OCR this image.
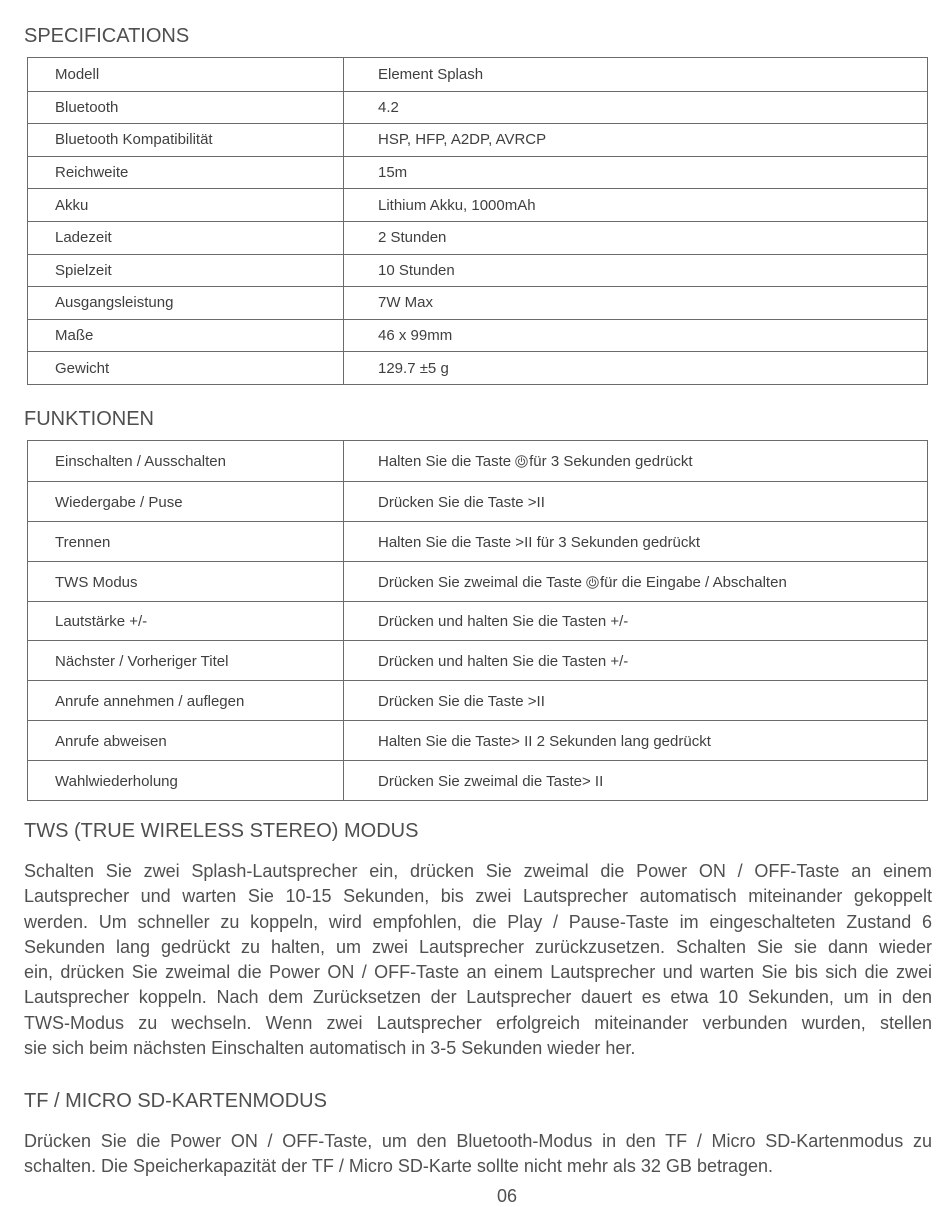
SPECIFICATIONS
Modell	Element Splash
Bluetooth	4.2
Bluetooth Kompatibilität	HSP, HFP, A2DP, AVRCP
Reichweite	15m
Akku	Lithium Akku, 1000mAh
Ladezeit	2 Stunden
Spielzeit	10 Stunden
Ausgangsleistung	7W Max
Maße	46 x 99mm
Gewicht	129.7 ±5 g
FUNKTIONEN
Einschalten / Ausschalten	Halten Sie die Taste für 3 Sekunden gedrückt
Wiedergabe / Puse	Drücken Sie die Taste >II
Trennen	Halten Sie die Taste >II für 3 Sekunden gedrückt
TWS Modus	Drücken Sie zweimal die Taste für die Eingabe / Abschalten
Lautstärke +/-	Drücken und halten Sie die Tasten +/-
Nächster / Vorheriger Titel	Drücken und halten Sie die Tasten +/-
Anrufe annehmen / auflegen	Drücken Sie die Taste >II
Anrufe abweisen	Halten Sie die Taste> II 2 Sekunden lang gedrückt
Wahlwiederholung	Drücken Sie zweimal die Taste> II
TWS (TRUE WIRELESS STEREO) MODUS
Schalten Sie zwei Splash-Lautsprecher ein, drücken Sie zweimal die Power ON / OFF-Taste an einem
Lautsprecher und warten Sie 10-15 Sekunden, bis zwei Lautsprecher automatisch miteinander gekoppelt
werden. Um schneller zu koppeln, wird empfohlen, die Play / Pause-Taste im eingeschalteten Zustand 6
Sekunden lang gedrückt zu halten, um zwei Lautsprecher zurückzusetzen. Schalten Sie sie dann wieder
ein, drücken Sie zweimal die Power ON / OFF-Taste an einem Lautsprecher und warten Sie bis sich die zwei
Lautsprecher koppeln. Nach dem Zurücksetzen der Lautsprecher dauert es etwa 10 Sekunden, um in den
TWS-Modus zu wechseln. Wenn zwei Lautsprecher erfolgreich miteinander verbunden wurden, stellen
sie sich beim nächsten Einschalten automatisch in 3-5 Sekunden wieder her.
TF / MICRO SD-KARTENMODUS
Drücken Sie die Power ON / OFF-Taste, um den Bluetooth-Modus in den TF / Micro SD-Kartenmodus zu
schalten. Die Speicherkapazität der TF / Micro SD-Karte sollte nicht mehr als 32 GB betragen.
06
